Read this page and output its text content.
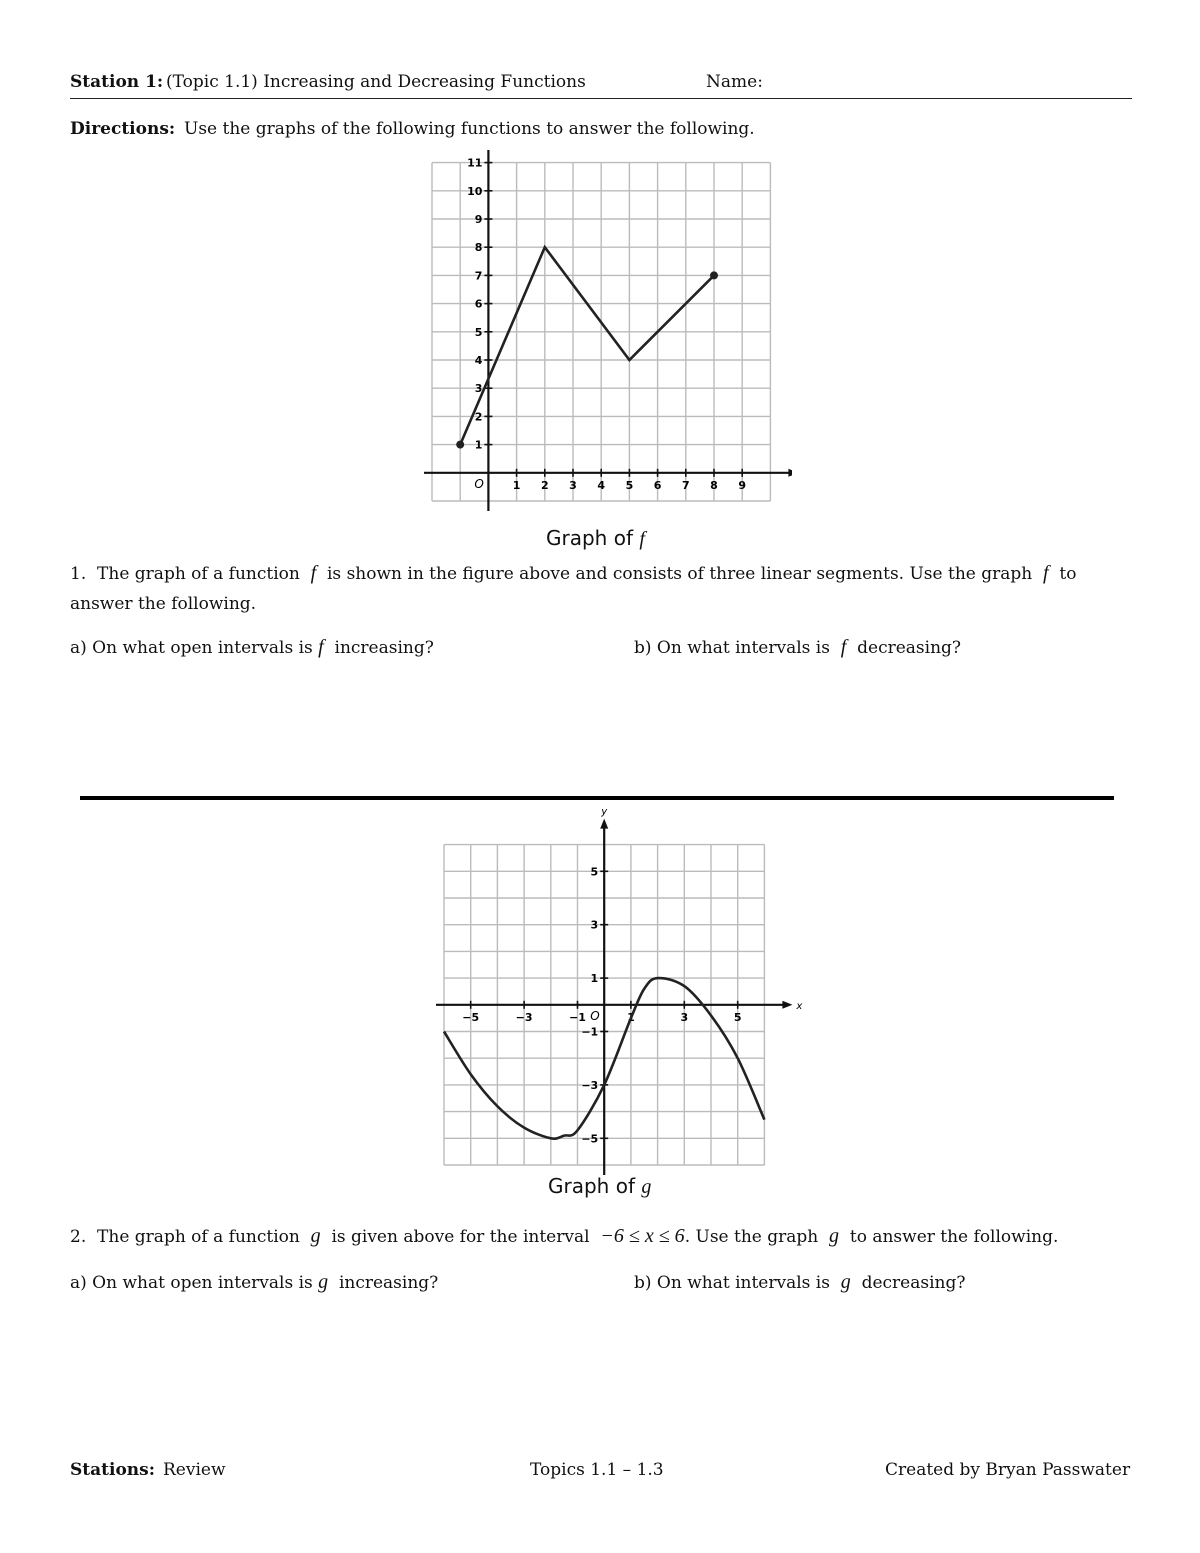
Station 1: (Topic 1.1) Increasing and Decreasing Functions	Name:
Directions: Use the graphs of the following functions to answer the following.
O	1 2 3 4 5 6 7 8 9
1
2
3
4
5
6
7
8
9
10
11
Graph of f
1. The graph of a function f is shown in the figure above and consists of three linear segments. Use the graph f to
answer the following.
a) On what open intervals is f increasing?	b) On what intervals is f decreasing?
x
y
O
−5	−3	−1	1	3	5
−5
−3
−1
1
3
5
Graph of g
2. The graph of a function g is given above for the interval −6 ≤ x ≤ 6. Use the graph g to answer the following.
a) On what open intervals is g increasing?	b) On what intervals is g decreasing?
Stations: Review	Topics 1.1 – 1.3	Created by Bryan Passwater
